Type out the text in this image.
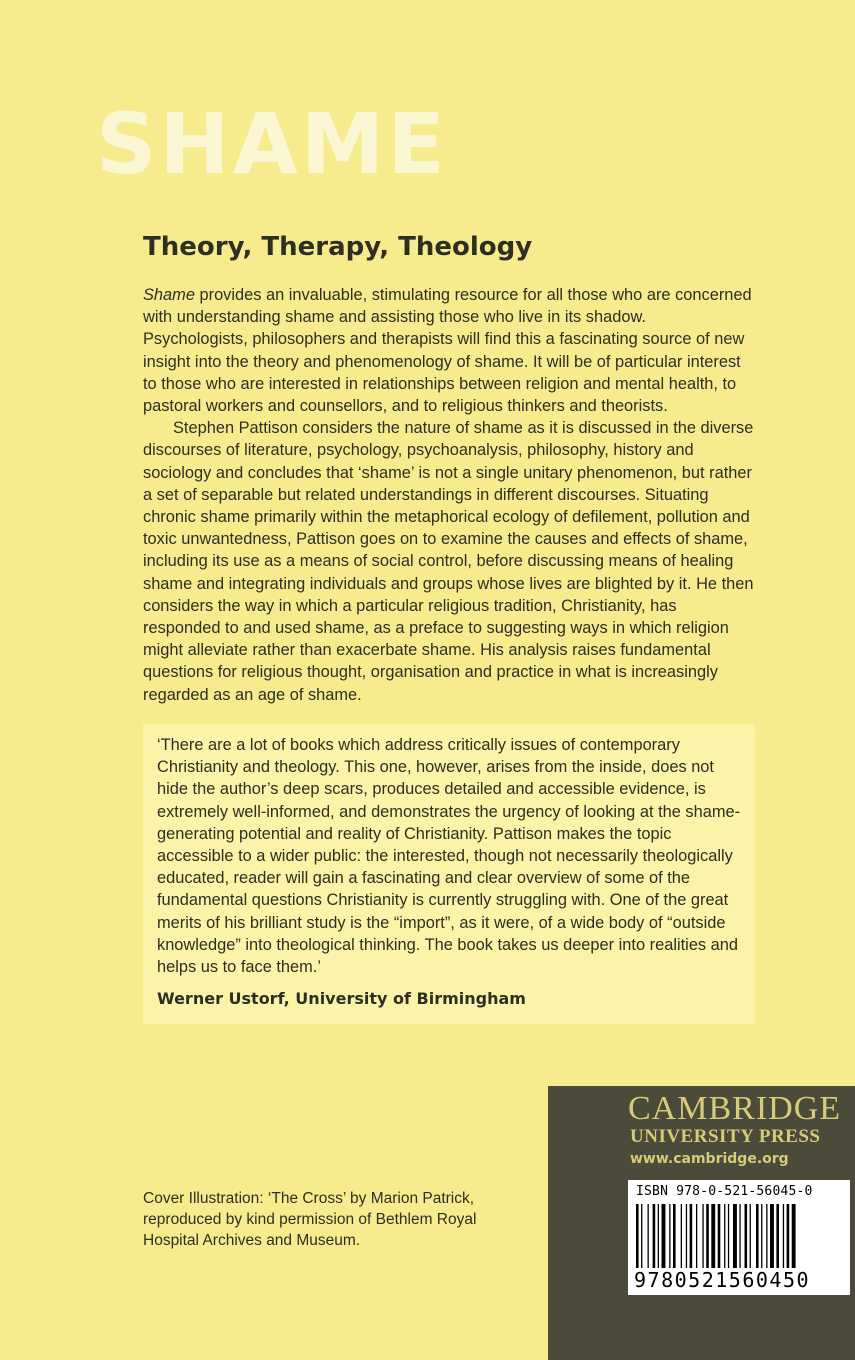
SHAME
Theory, Therapy, Theology

Shame provides an invaluable, stimulating resource for all those who are concerned with understanding shame and assisting those who live in its shadow. Psychologists, philosophers and therapists will find this a fascinating source of new insight into the theory and phenomenology of shame. It will be of particular interest to those who are interested in relationships between religion and mental health, to pastoral workers and counsellors, and to religious thinkers and theorists.

Stephen Pattison considers the nature of shame as it is discussed in the diverse discourses of literature, psychology, psychoanalysis, philosophy, history and sociology and concludes that ‘shame’ is not a single unitary phenomenon, but rather a set of separable but related understandings in different discourses. Situating chronic shame primarily within the metaphorical ecology of defilement, pollution and toxic unwantedness, Pattison goes on to examine the causes and effects of shame, including its use as a means of social control, before discussing means of healing shame and integrating individuals and groups whose lives are blighted by it. He then considers the way in which a particular religious tradition, Christianity, has responded to and used shame, as a preface to suggesting ways in which religion might alleviate rather than exacerbate shame. His analysis raises fundamental questions for religious thought, organisation and practice in what is increasingly regarded as an age of shame.

‘There are a lot of books which address critically issues of contemporary Christianity and theology. This one, however, arises from the inside, does not hide the author’s deep scars, produces detailed and accessible evidence, is extremely well-informed, and demonstrates the urgency of looking at the shame-generating potential and reality of Christianity. Pattison makes the topic accessible to a wider public: the interested, though not necessarily theologically educated, reader will gain a fascinating and clear overview of some of the fundamental questions Christianity is currently struggling with. One of the great merits of his brilliant study is the “import”, as it were, of a wide body of “outside knowledge” into theological thinking. The book takes us deeper into realities and helps us to face them.’

Werner Ustorf, University of Birmingham

Cover Illustration: ‘The Cross’ by Marion Patrick, reproduced by kind permission of Bethlem Royal Hospital Archives and Museum.
CAMBRIDGE
UNIVERSITY PRESS
www.cambridge.org
ISBN 978-0-521-56045-0
9780521560450
